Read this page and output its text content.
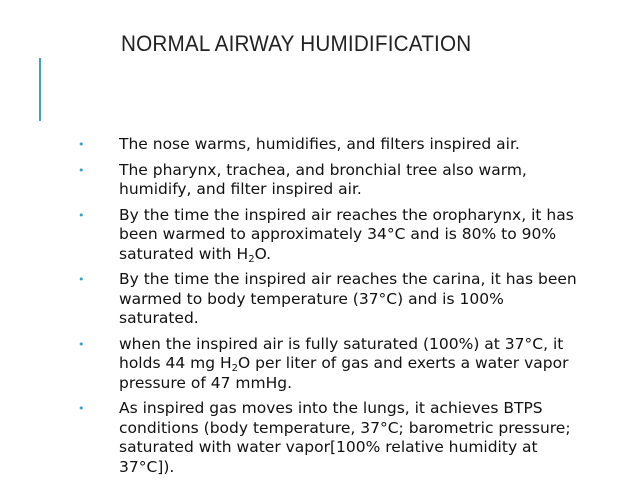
NORMAL AIRWAY HUMIDIFICATION
• The nose warms, humidifies, and filters inspired air.
• The pharynx, trachea, and bronchial tree also warm, humidify, and filter inspired air.
• By the time the inspired air reaches the oropharynx, it has been warmed to approximately 34°C and is 80% to 90% saturated with $H_2O$.
• By the time the inspired air reaches the carina, it has been warmed to body temperature (37°C) and is 100% saturated.
• when the inspired air is fully saturated (100%) at 37°C, it holds 44 mg $H_2O$ per liter of gas and exerts a water vapor pressure of 47 mmHg.
• As inspired gas moves into the lungs, it achieves BTPS conditions (body temperature, 37°C; barometric pressure; saturated with water vapor[100% relative humidity at 37°C]).
